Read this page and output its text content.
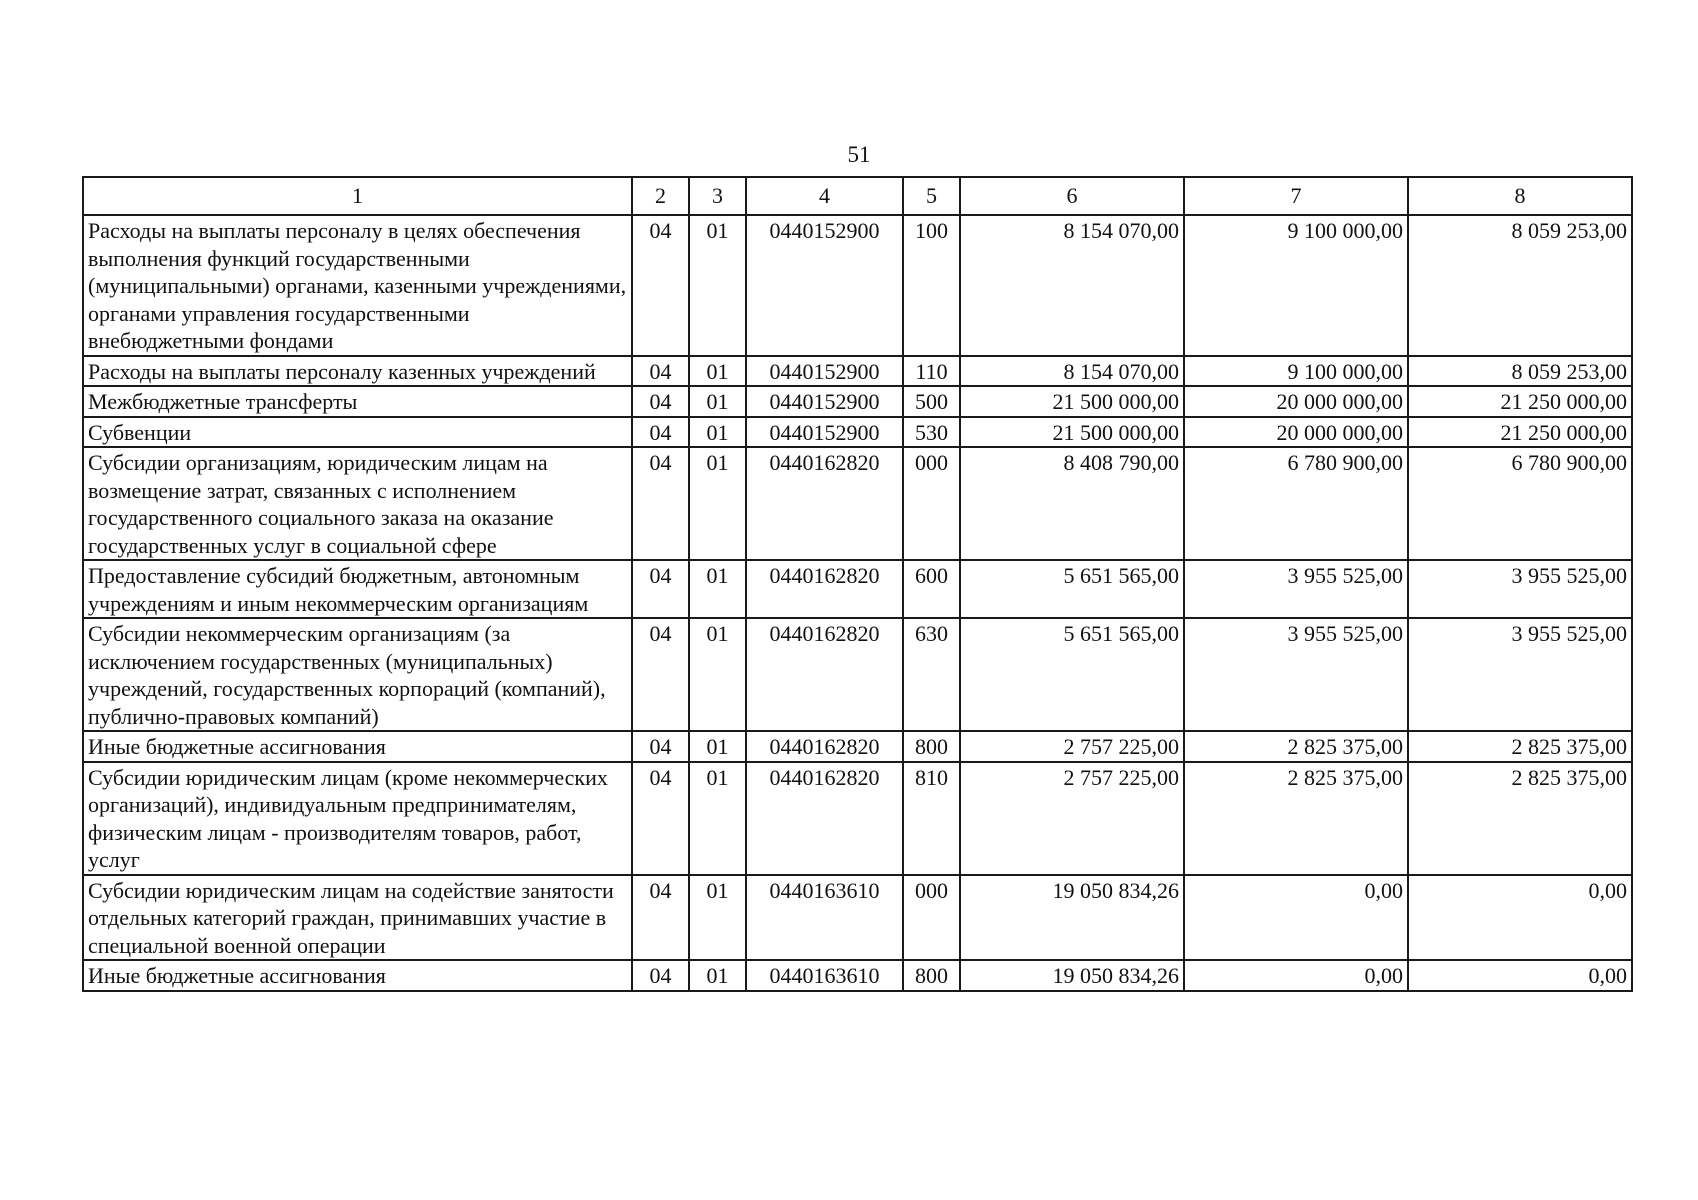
51
1	2	3	4	5	6	7	8
Расходы на выплаты персоналу в целях обеспечения выполнения функций государственными (муниципальными) органами, казенными учреждениями, органами управления государственными внебюджетными фондами	04	01	0440152900	100	8 154 070,00	9 100 000,00	8 059 253,00
Расходы на выплаты персоналу казенных учреждений	04	01	0440152900	110	8 154 070,00	9 100 000,00	8 059 253,00
Межбюджетные трансферты	04	01	0440152900	500	21 500 000,00	20 000 000,00	21 250 000,00
Субвенции	04	01	0440152900	530	21 500 000,00	20 000 000,00	21 250 000,00
Субсидии организациям, юридическим лицам на возмещение затрат, связанных с исполнением государственного социального заказа на оказание государственных услуг в социальной сфере	04	01	0440162820	000	8 408 790,00	6 780 900,00	6 780 900,00
Предоставление субсидий бюджетным, автономным учреждениям и иным некоммерческим организациям	04	01	0440162820	600	5 651 565,00	3 955 525,00	3 955 525,00
Субсидии некоммерческим организациям (за исключением государственных (муниципальных) учреждений, государственных корпораций (компаний), публично-правовых компаний)	04	01	0440162820	630	5 651 565,00	3 955 525,00	3 955 525,00
Иные бюджетные ассигнования	04	01	0440162820	800	2 757 225,00	2 825 375,00	2 825 375,00
Субсидии юридическим лицам (кроме некоммерческих организаций), индивидуальным предпринимателям, физическим лицам - производителям товаров, работ, услуг	04	01	0440162820	810	2 757 225,00	2 825 375,00	2 825 375,00
Субсидии юридическим лицам на содействие занятости отдельных категорий граждан, принимавших участие в специальной военной операции	04	01	0440163610	000	19 050 834,26	0,00	0,00
Иные бюджетные ассигнования	04	01	0440163610	800	19 050 834,26	0,00	0,00
